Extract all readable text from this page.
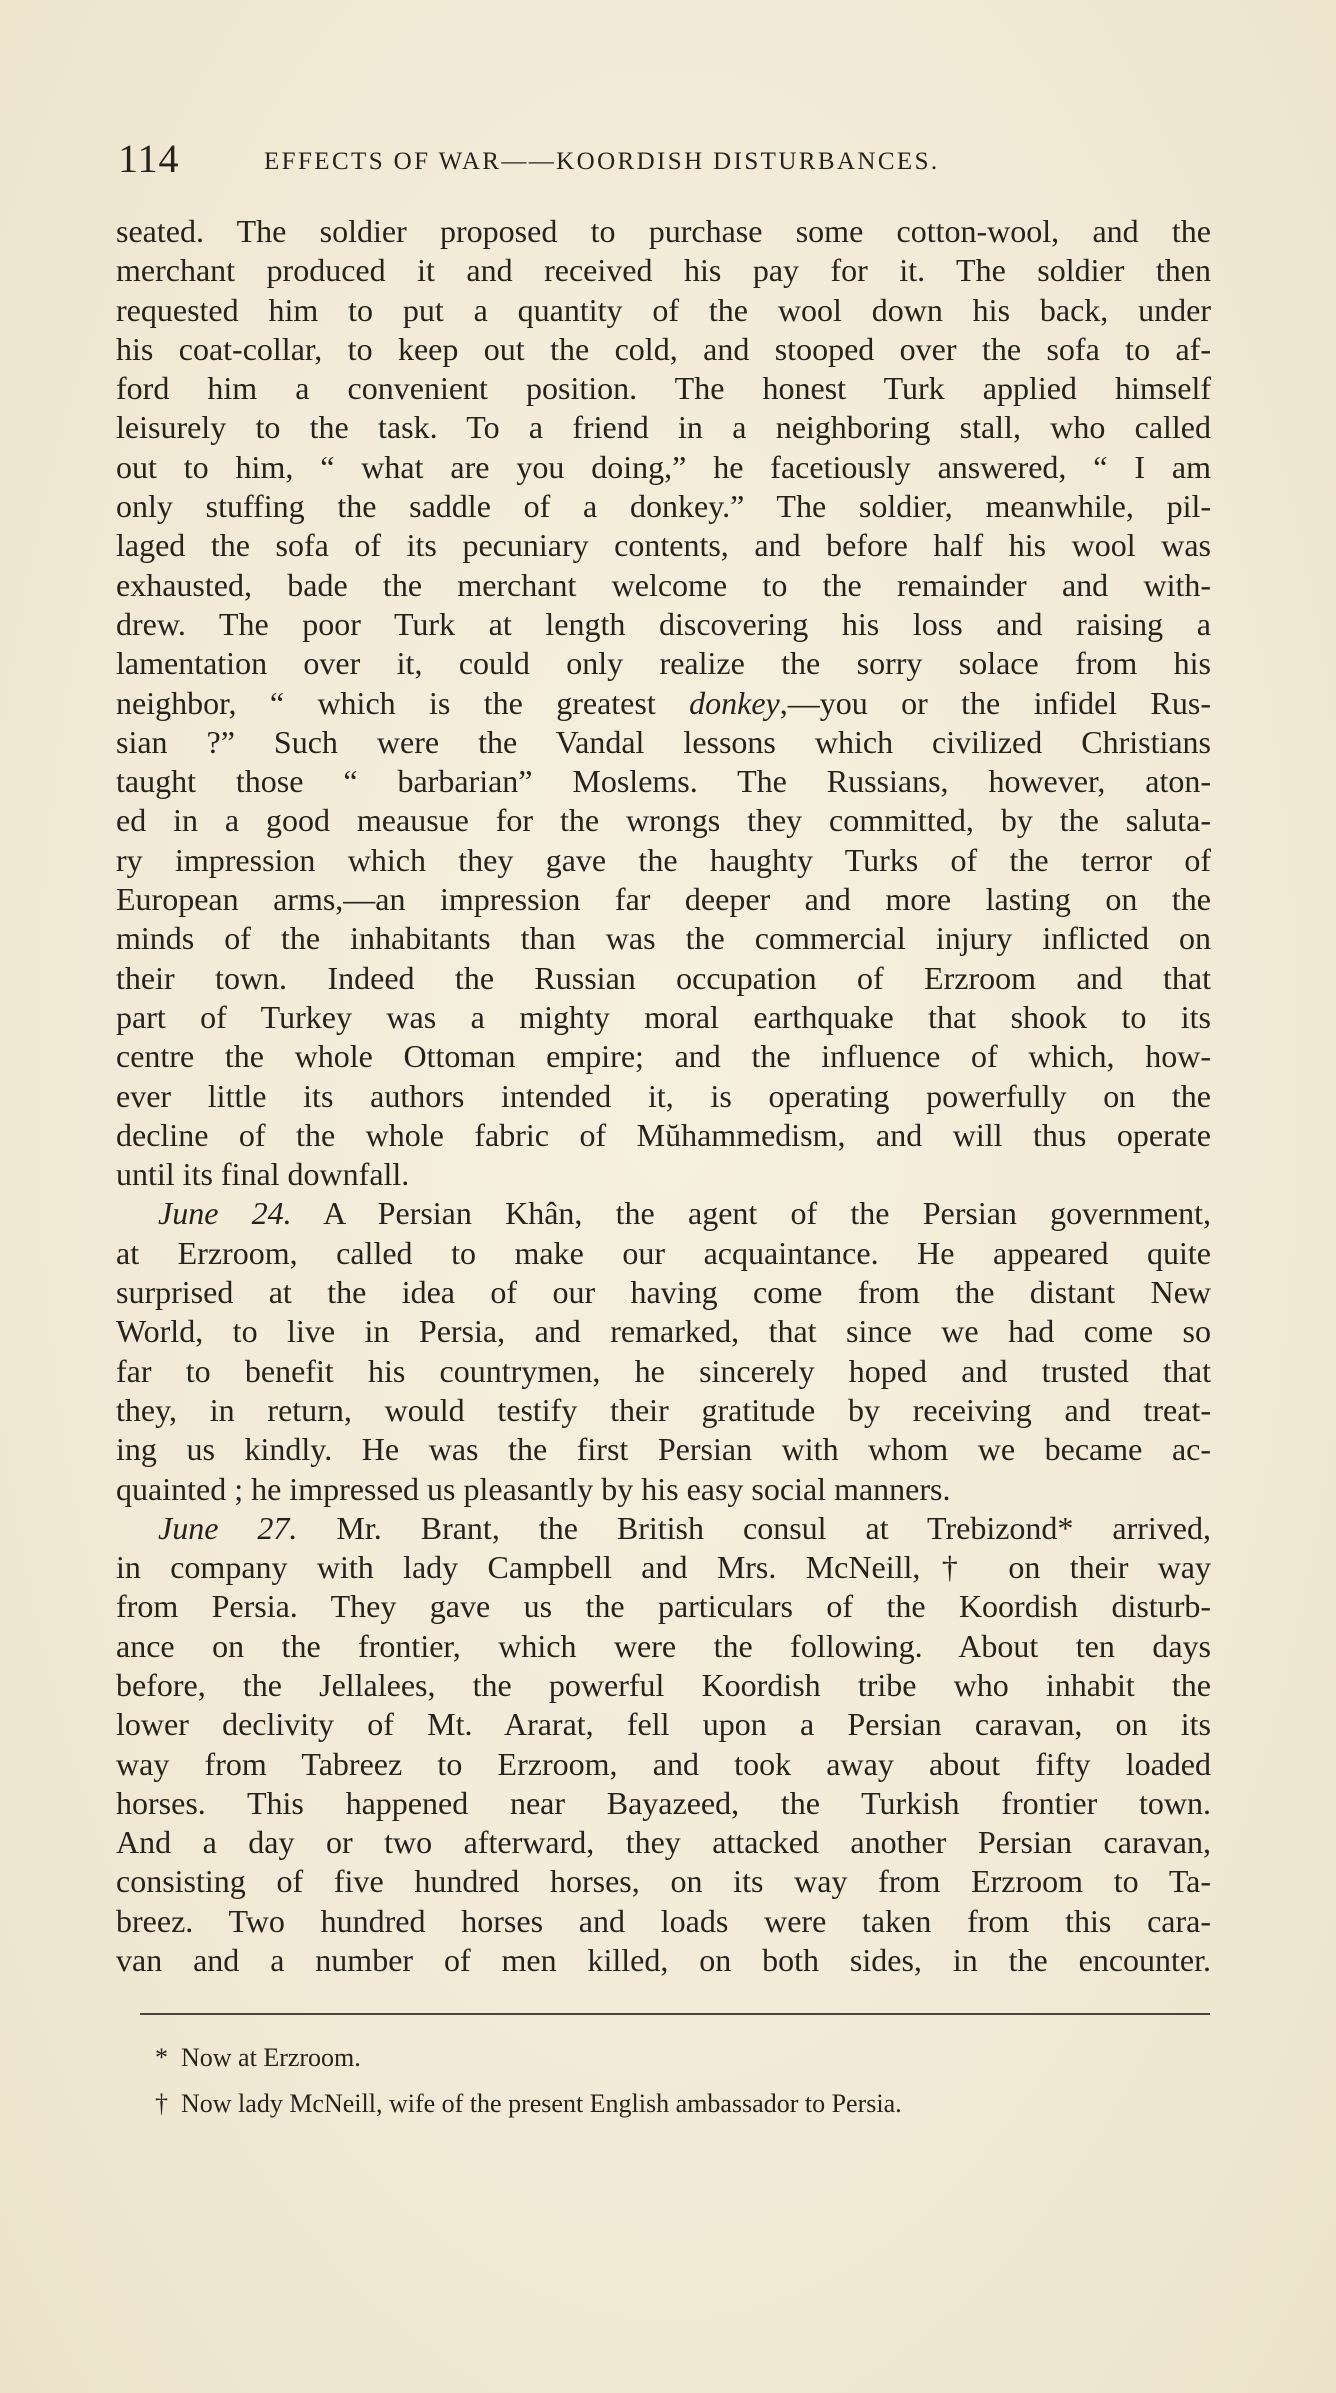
114	EFFECTS OF WAR——KOORDISH DISTURBANCES.
seated. The soldier proposed to purchase some cotton-wool, and the
merchant produced it and received his pay for it. The soldier then
requested him to put a quantity of the wool down his back, under
his coat-collar, to keep out the cold, and stooped over the sofa to af-
ford him a convenient position. The honest Turk applied himself
leisurely to the task. To a friend in a neighboring stall, who called
out to him, “ what are you doing,” he facetiously answered, “ I am
only stuffing the saddle of a donkey.” The soldier, meanwhile, pil-
laged the sofa of its pecuniary contents, and before half his wool was
exhausted, bade the merchant welcome to the remainder and with-
drew. The poor Turk at length discovering his loss and raising a
lamentation over it, could only realize the sorry solace from his
neighbor, “ which is the greatest donkey,—you or the infidel Rus-
sian ?” Such were the Vandal lessons which civilized Christians
taught those “ barbarian” Moslems. The Russians, however, aton-
ed in a good meausue for the wrongs they committed, by the saluta-
ry impression which they gave the haughty Turks of the terror of
European arms,—an impression far deeper and more lasting on the
minds of the inhabitants than was the commercial injury inflicted on
their town. Indeed the Russian occupation of Erzroom and that
part of Turkey was a mighty moral earthquake that shook to its
centre the whole Ottoman empire; and the influence of which, how-
ever little its authors intended it, is operating powerfully on the
decline of the whole fabric of Mŭhammedism, and will thus operate
until its final downfall.
June 24. A Persian Khân, the agent of the Persian government,
at Erzroom, called to make our acquaintance. He appeared quite
surprised at the idea of our having come from the distant New
World, to live in Persia, and remarked, that since we had come so
far to benefit his countrymen, he sincerely hoped and trusted that
they, in return, would testify their gratitude by receiving and treat-
ing us kindly. He was the first Persian with whom we became ac-
quainted ; he impressed us pleasantly by his easy social manners.
June 27. Mr. Brant, the British consul at Trebizond* arrived,
in company with lady Campbell and Mrs. McNeill,† on their way
from Persia. They gave us the particulars of the Koordish disturb-
ance on the frontier, which were the following. About ten days
before, the Jellalees, the powerful Koordish tribe who inhabit the
lower declivity of Mt. Ararat, fell upon a Persian caravan, on its
way from Tabreez to Erzroom, and took away about fifty loaded
horses. This happened near Bayazeed, the Turkish frontier town.
And a day or two afterward, they attacked another Persian caravan,
consisting of five hundred horses, on its way from Erzroom to Ta-
breez. Two hundred horses and loads were taken from this cara-
van and a number of men killed, on both sides, in the encounter.
* Now at Erzroom.
† Now lady McNeill, wife of the present English ambassador to Persia.
